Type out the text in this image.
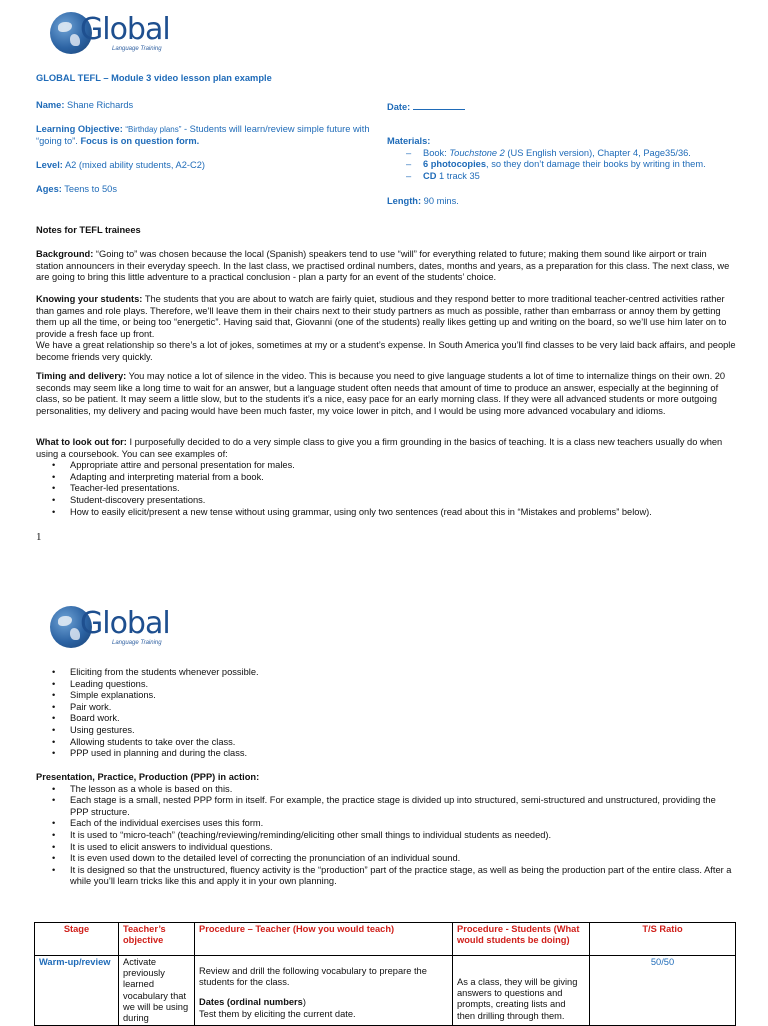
Global
Language Training
GLOBAL TEFL – Module 3 video lesson plan example
Name: Shane Richards
Learning Objective: “Birthday plans” - Students will learn/review simple future with “going to”. Focus is on question form.
Level: A2 (mixed ability students, A2-C2)
Ages: Teens to 50s
Date:
Materials:
– Book: Touchstone 2 (US English version), Chapter 4, Page35/36.
– 6 photocopies, so they don’t damage their books by writing in them.
– CD 1 track 35
Length: 90 mins.
Notes for TEFL trainees
Background: “Going to” was chosen because the local (Spanish) speakers tend to use “will” for everything related to future; making them sound like airport or train station announcers in their everyday speech. In the last class, we practised ordinal numbers, dates, months and years, as a preparation for this class. The next class, we are going to bring this little adventure to a practical conclusion - plan a party for an event of the students’ choice.
Knowing your students: The students that you are about to watch are fairly quiet, studious and they respond better to more traditional teacher-centred activities rather than games and role plays. Therefore, we’ll leave them in their chairs next to their study partners as much as possible, rather than embarrass or annoy them by getting them up all the time, or being too “energetic”. Having said that, Giovanni (one of the students) really likes getting up and writing on the board, so we’ll use him later on to provide a fresh face up front.
We have a great relationship so there’s a lot of jokes, sometimes at my or a student’s expense. In South America you’ll find classes to be very laid back affairs, and people become friends very quickly.
Timing and delivery: You may notice a lot of silence in the video. This is because you need to give language students a lot of time to internalize things on their own. 20 seconds may seem like a long time to wait for an answer, but a language student often needs that amount of time to produce an answer, especially at the beginning of class, so be patient. It may seem a little slow, but to the students it’s a nice, easy pace for an early morning class. If they were all advanced students or more outgoing personalities, my delivery and pacing would have been much faster, my voice lower in pitch, and I would be using more advanced vocabulary and idioms.
What to look out for: I purposefully decided to do a very simple class to give you a firm grounding in the basics of teaching. It is a class new teachers usually do when using a coursebook. You can see examples of:
• Appropriate attire and personal presentation for males.
• Adapting and interpreting material from a book.
• Teacher-led presentations.
• Student-discovery presentations.
• How to easily elicit/present a new tense without using grammar, using only two sentences (read about this in “Mistakes and problems” below).
1
Global
Language Training
• Eliciting from the students whenever possible.
• Leading questions.
• Simple explanations.
• Pair work.
• Board work.
• Using gestures.
• Allowing students to take over the class.
• PPP used in planning and during the class.
Presentation, Practice, Production (PPP) in action:
• The lesson as a whole is based on this.
• Each stage is a small, nested PPP form in itself. For example, the practice stage is divided up into structured, semi-structured and unstructured, providing the PPP structure.
• Each of the individual exercises uses this form.
• It is used to “micro-teach” (teaching/reviewing/reminding/eliciting other small things to individual students as needed).
• It is used to elicit answers to individual questions.
• It is even used down to the detailed level of correcting the pronunciation of an individual sound.
• It is designed so that the unstructured, fluency activity is the “production” part of the practice stage, as well as being the production part of the entire class. After a while you’ll learn tricks like this and apply it in your own planning.
Stage	Teacher’s objective	Procedure – Teacher (How you would teach)	Procedure - Students (What would students be doing)	T/S Ratio
Warm-up/review	Activate previously learned vocabulary that we will be using during	Review and drill the following vocabulary to prepare the students for the class.
Dates (ordinal numbers)
Test them by eliciting the current date.	As a class, they will be giving answers to questions and prompts, creating lists and then drilling through them.	50/50
